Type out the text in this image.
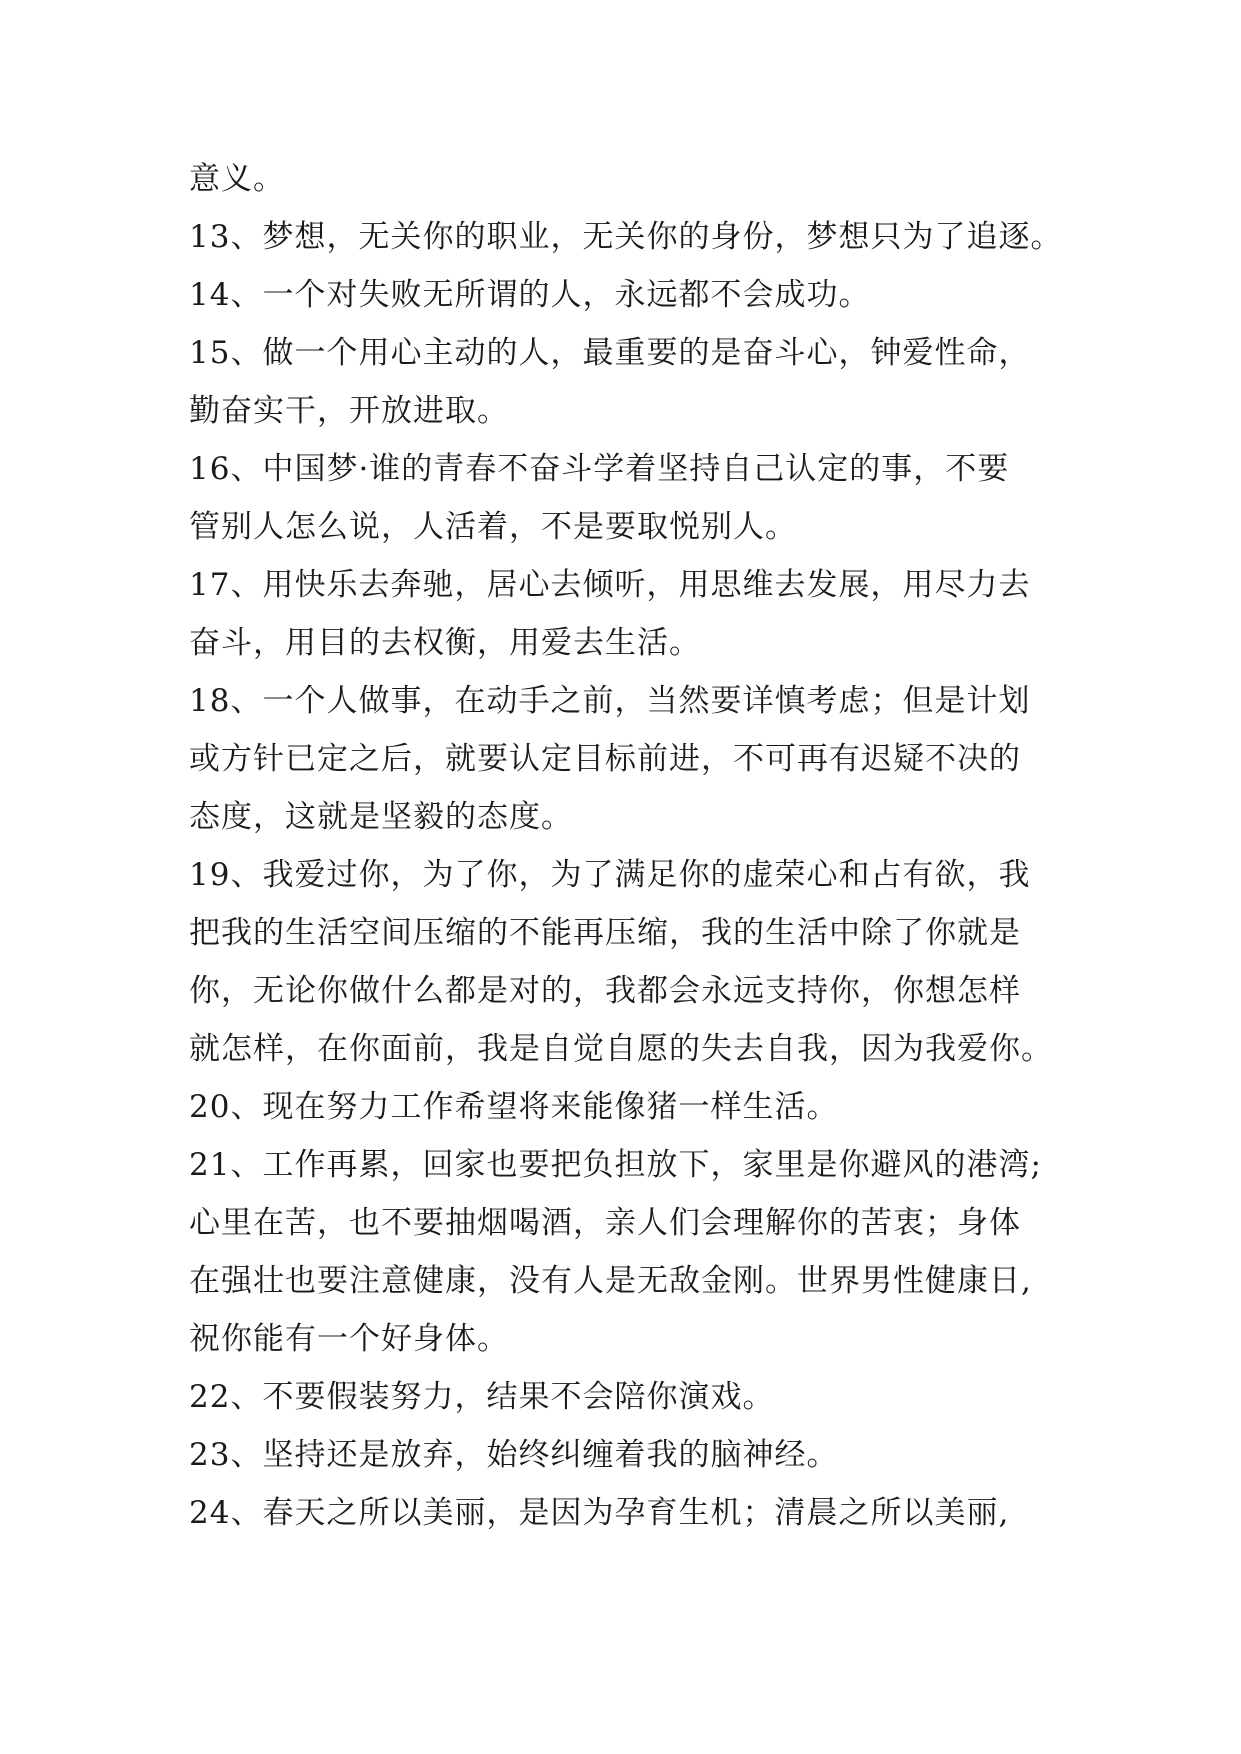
意义。
13、梦想，无关你的职业，无关你的身份，梦想只为了追逐。
14、一个对失败无所谓的人，永远都不会成功。
15、做一个用心主动的人，最重要的是奋斗心，钟爱性命，
勤奋实干，开放进取。
16、中国梦·谁的青春不奋斗学着坚持自己认定的事，不要
管别人怎么说，人活着，不是要取悦别人。
17、用快乐去奔驰，居心去倾听，用思维去发展，用尽力去
奋斗，用目的去权衡，用爱去生活。
18、一个人做事，在动手之前，当然要详慎考虑；但是计划
或方针已定之后，就要认定目标前进，不可再有迟疑不决的
态度，这就是坚毅的态度。
19、我爱过你，为了你，为了满足你的虚荣心和占有欲，我
把我的生活空间压缩的不能再压缩，我的生活中除了你就是
你，无论你做什么都是对的，我都会永远支持你，你想怎样
就怎样，在你面前，我是自觉自愿的失去自我，因为我爱你。
20、现在努力工作希望将来能像猪一样生活。
21、工作再累，回家也要把负担放下，家里是你避风的港湾;
心里在苦，也不要抽烟喝酒，亲人们会理解你的苦衷；身体
在强壮也要注意健康，没有人是无敌金刚。世界男性健康日,
祝你能有一个好身体。
22、不要假装努力，结果不会陪你演戏。
23、坚持还是放弃，始终纠缠着我的脑神经。
24、春天之所以美丽，是因为孕育生机；清晨之所以美丽,
